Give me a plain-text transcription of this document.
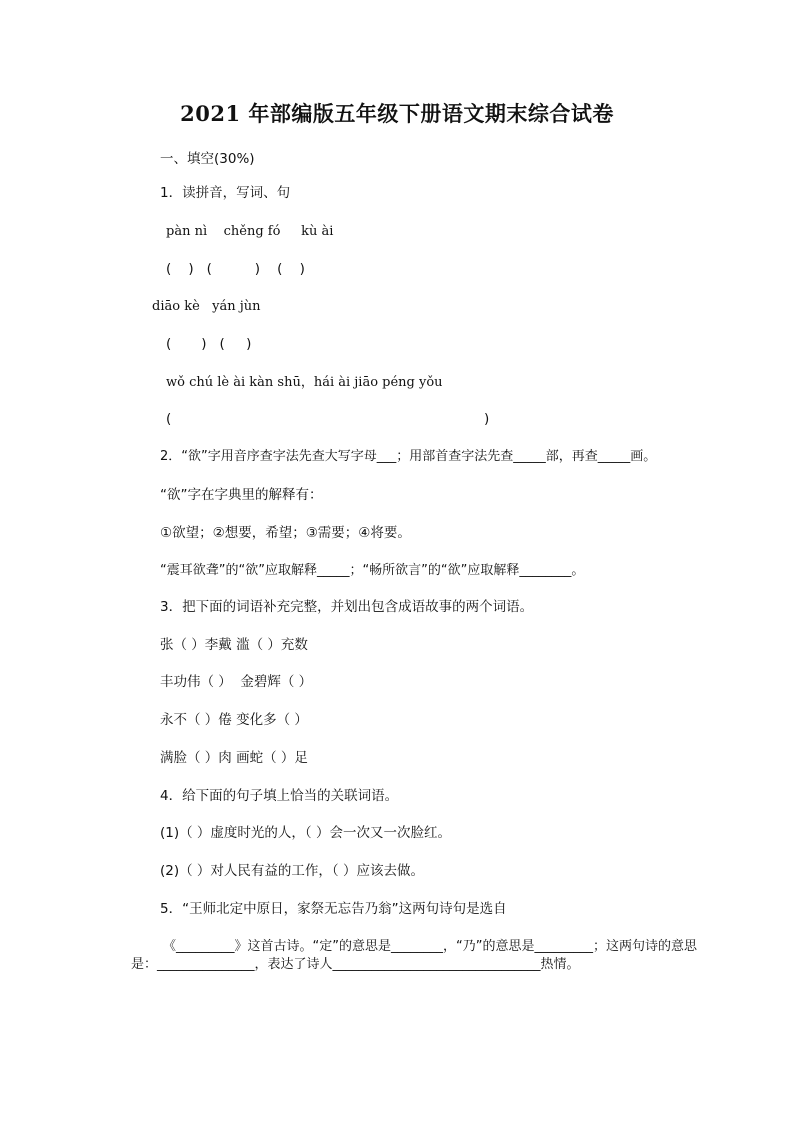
2021 年部编版五年级下册语文期末综合试卷
一、填空(30%)
1．读拼音，写词、句
pàn nì    chěng fó     kù ài
(    )   (          )    (    )
diāo kè   yán jùn
(       )   (     )
wǒ chú lè ài kàn shū，hái ài jiāo péng yǒu
(	)
2．“欲”字用音序查字法先查大写字母___；用部首查字法先查_____部，再查_____画。
“欲”字在字典里的解释有：
①欲望；②想要，希望；③需要；④将要。
“震耳欲聋”的“欲”应取解释_____；“畅所欲言”的“欲”应取解释________。
3．把下面的词语补充完整，并划出包含成语故事的两个词语。
张（ ）李戴 滥（ ）充数
丰功伟（ ）  金碧辉（ ）
永不（ ）倦 变化多（ ）
满脸（ ）肉 画蛇（ ）足
4．给下面的句子填上恰当的关联词语。
(1)（ ）虚度时光的人，（ ）会一次又一次脸红。
(2)（ ）对人民有益的工作，（ ）应该去做。
5．“王师北定中原日，家祭无忘告乃翁”这两句诗句是选自
《_________》这首古诗。“定”的意思是________，“乃”的意思是_________；这两句诗的意思是：_______________，表达了诗人________________________________热情。
